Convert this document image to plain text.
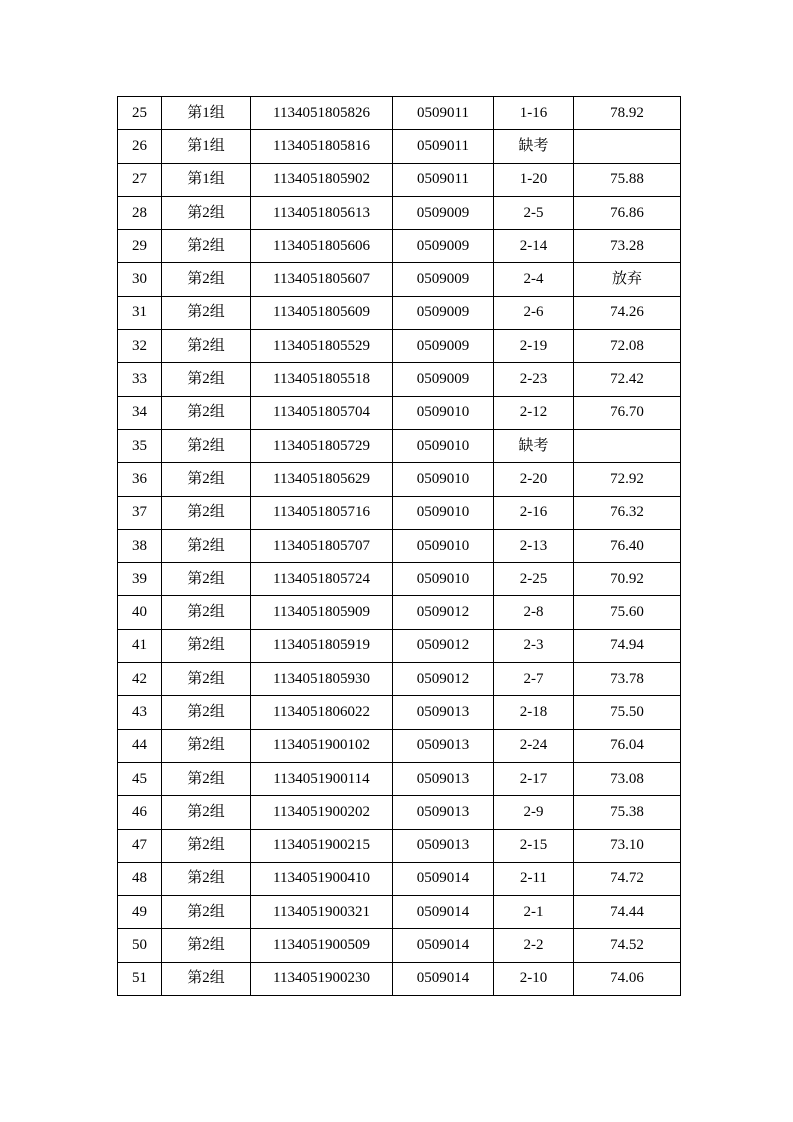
25	第1组	1134051805826	0509011	1-16	78.92
26	第1组	1134051805816	0509011	缺考	
27	第1组	1134051805902	0509011	1-20	75.88
28	第2组	1134051805613	0509009	2-5	76.86
29	第2组	1134051805606	0509009	2-14	73.28
30	第2组	1134051805607	0509009	2-4	放弃
31	第2组	1134051805609	0509009	2-6	74.26
32	第2组	1134051805529	0509009	2-19	72.08
33	第2组	1134051805518	0509009	2-23	72.42
34	第2组	1134051805704	0509010	2-12	76.70
35	第2组	1134051805729	0509010	缺考	
36	第2组	1134051805629	0509010	2-20	72.92
37	第2组	1134051805716	0509010	2-16	76.32
38	第2组	1134051805707	0509010	2-13	76.40
39	第2组	1134051805724	0509010	2-25	70.92
40	第2组	1134051805909	0509012	2-8	75.60
41	第2组	1134051805919	0509012	2-3	74.94
42	第2组	1134051805930	0509012	2-7	73.78
43	第2组	1134051806022	0509013	2-18	75.50
44	第2组	1134051900102	0509013	2-24	76.04
45	第2组	1134051900114	0509013	2-17	73.08
46	第2组	1134051900202	0509013	2-9	75.38
47	第2组	1134051900215	0509013	2-15	73.10
48	第2组	1134051900410	0509014	2-11	74.72
49	第2组	1134051900321	0509014	2-1	74.44
50	第2组	1134051900509	0509014	2-2	74.52
51	第2组	1134051900230	0509014	2-10	74.06
